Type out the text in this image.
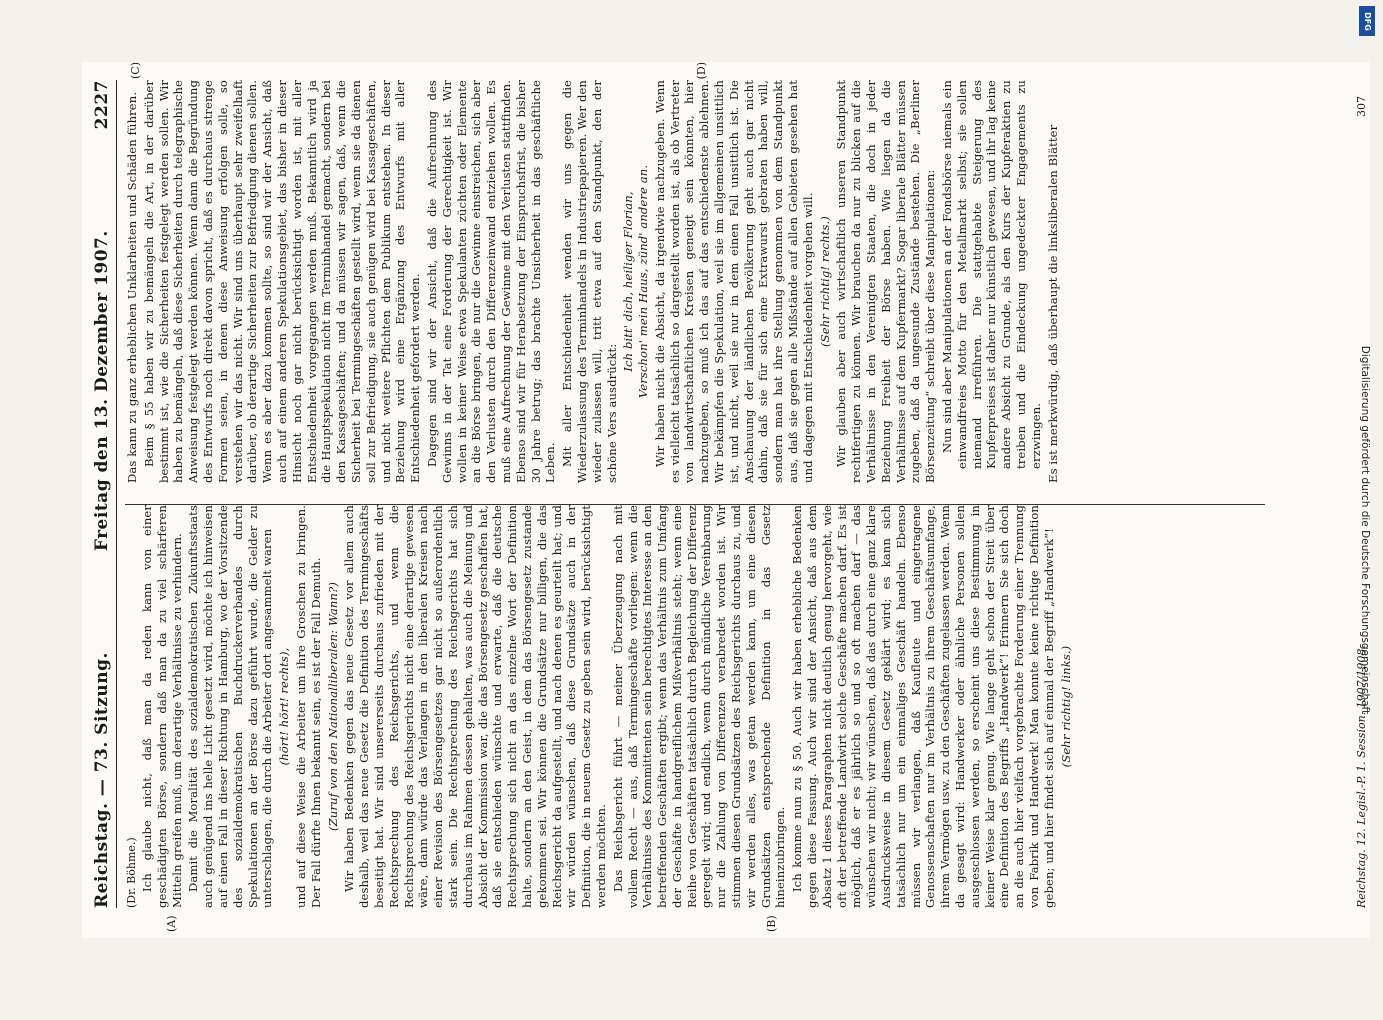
Reichstag. — 73. Sitzung.
Freitag den 13. Dezember 1907.
2227
(Dr. Böhme.)
(A)	(B)

Ich glaube nicht, daß man da reden kann von einer geschädigten Börse, sondern daß man da zu viel schärferen Mitteln greifen muß, um derartige Verhältnisse zu verhindern. Damit die Moralität des sozialdemokratischen Zukunftsstaats auch genügend ins helle Licht gesetzt wird, möchte ich hinweisen auf einen Fall in dieser Richtung in Hamburg, wo der Vorsitzende des sozialdemokratischen Buchdruckerverbandes durch Spekulationen an der Börse dazu geführt wurde, die Gelder zu unterschlagen, die durch die Arbeiter dort angesammelt waren (hört! hört! rechts), und auf diese Weise die Arbeiter um ihre Groschen zu bringen. Der Fall dürfte Ihnen bekannt sein, es ist der Fall Demuth. (Zuruf von den Nationalliberalen: Wann?) Wir haben Bedenken gegen das neue Gesetz vor allem auch deshalb, weil das neue Gesetz die Definition des Termingeschäfts beseitigt hat. Wir sind unsererseits durchaus zufrieden mit der Rechtsprechung des Reichsgerichts, und wenn die Rechtsprechung des Reichsgerichts nicht eine derartige gewesen wäre, dann würde das Verlangen in den liberalen Kreisen nach einer Revision des Börsengesetzes gar nicht so außerordentlich stark sein. Die Rechtsprechung des Reichsgerichts hat sich durchaus im Rahmen dessen gehalten, was auch die Meinung und Absicht der Kommission war, die das Börsengesetz geschaffen hat, daß sie entschieden wünschte und erwarte, daß die deutsche Rechtsprechung sich nicht an das einzelne Wort der Definition halte, sondern an den Geist, in dem das Börsengesetz zustande gekommen sei. Wir können die Grundsätze nur billigen, die das Reichsgericht da aufgestellt, und nach denen es geurteilt hat; und wir würden wünschen, daß diese Grundsätze auch in der Definition, die in neuem Gesetz zu geben sein wird, berücksichtigt werden möchten. Das Reichsgericht führt — meiner Überzeugung nach mit vollem Recht — aus, daß Termingeschäfte vorliegen: wenn die Verhältnisse des Kommittenten sein berechtigtes Interesse an den betreffenden Geschäften ergibt; wenn das Verhältnis zum Umfang der Geschäfte in handgreiflichem Mißverhältnis steht; wenn eine Reihe von Geschäften tatsächlich durch Begleichung der Differenz geregelt wird; und endlich, wenn durch mündliche Vereinbarung nur die Zahlung von Differenzen verabredet worden ist. Wir stimmen diesen Grundsätzen des Reichsgerichts durchaus zu, und wir werden alles, was getan werden kann, um eine diesen Grundsätzen entsprechende Definition in das Gesetz hineinzubringen. Ich komme nun zu § 50. Auch wir haben erhebliche Bedenken gegen diese Fassung. Auch wir sind der Ansicht, daß aus dem Absatz 1 dieses Paragraphen nicht deutlich genug hervorgeht, wie oft der betreffende Landwirt solche Geschäfte machen darf. Es ist möglich, daß er es jährlich so und so oft machen darf — das wünschen wir nicht; wir wünschen, daß das durch eine ganz klare Ausdrucksweise in diesem Gesetz geklärt wird; es kann sich tatsächlich nur um ein einmaliges Geschäft handeln. Ebenso müssen wir verlangen, daß Kaufleute und eingetragene Genossenschaften nur im Verhältnis zu ihrem Geschäftsumfange, ihrem Vermögen usw. zu den Geschäften zugelassen werden. Wenn da gesagt wird: Handwerker oder ähnliche Personen sollen ausgeschlossen werden, so erscheint uns diese Bestimmung in keiner Weise klar genug. Wie lange geht schon der Streit über eine Definition des Begriffs „Handwerk“! Erinnern Sie sich doch an die auch hier vielfach vorgebrachte Forderung einer Trennung von Fabrik und Handwerk! Man konnte keine richtige Definition geben; und hier findet sich auf einmal der Begriff „Handwerk“! (Sehr richtig! links.)

(C)	(D)

Das kann zu ganz erheblichen Unklarheiten und Schäden führen. Beim § 55 haben wir zu bemängeln die Art, in der darüber bestimmt ist, wie die Sicherheiten festgelegt werden sollen. Wir haben zu bemängeln, daß diese Sicherheiten durch telegraphische Anweisung festgelegt werden können. Wenn dann die Begründung des Entwurfs noch direkt davon spricht, daß es durchaus strenge Formen seien, in denen diese Anweisung erfolgen solle, so verstehen wir das nicht. Wir sind uns überhaupt sehr zweifelhaft darüber, ob derartige Sicherheiten zur Befriedigung dienen sollen. Wenn es aber dazu kommen sollte, so sind wir der Ansicht, daß auch auf einem anderen Spekulationsgebiet, das bisher in dieser Hinsicht noch gar nicht berücksichtigt worden ist, mit aller Entschiedenheit vorgegangen werden muß. Bekanntlich wird ja die Hauptspekulation nicht im Terminhandel gemacht, sondern bei den Kassageschäften; und da müssen wir sagen, daß, wenn die Sicherheit bei Termingeschäften gestellt wird, wenn sie da dienen soll zur Befriedigung, sie auch genügen wird bei Kassageschäften, und nicht weitere Pflichten dem Publikum entstehen. In dieser Beziehung wird eine Ergänzung des Entwurfs mit aller Entschiedenheit gefordert werden. Dagegen sind wir der Ansicht, daß die Aufrechnung des Gewinns in der Tat eine Forderung der Gerechtigkeit ist. Wir wollen in keiner Weise etwa Spekulanten züchten oder Elemente an die Börse bringen, die nur die Gewinne einstreichen, sich aber den Verlusten durch den Differenzeinwand entziehen wollen. Es muß eine Aufrechnung der Gewinne mit den Verlusten stattfinden. Ebenso sind wir für Herabsetzung der Einspruchsfrist, die bisher 30 Jahre betrug; das brachte Unsicherheit in das geschäftliche Leben. Mit aller Entschiedenheit wenden wir uns gegen die Wiederzulassung des Terminhandels in Industriepapieren. Wer den wieder zulassen will, tritt etwa auf den Standpunkt, den der schöne Vers ausdrückt: Ich bitt' dich, heiliger Florian,
Verschon' mein Haus, zünd' andere an. Wir haben nicht die Absicht, da irgendwie nachzugeben. Wenn es vielleicht tatsächlich so dargestellt worden ist, als ob Vertreter von landwirtschaftlichen Kreisen geneigt sein könnten, hier nachzugeben, so muß ich das auf das entschiedenste ablehnen. Wir bekämpfen die Spekulation, weil sie im allgemeinen unsittlich ist, und nicht, weil sie nur in dem einen Fall unsittlich ist. Die Anschauung der ländlichen Bevölkerung geht auch gar nicht dahin, daß sie für sich eine Extrawurst gebraten haben will, sondern man hat ihre Stellung genommen von dem Standpunkt aus, daß sie gegen alle Mißstände auf allen Gebieten gesehen hat und dagegen mit Entschiedenheit vorgehen will. (Sehr richtig! rechts.) Wir glauben aber auch wirtschaftlich unseren Standpunkt rechtfertigen zu können. Wir brauchen da nur zu blicken auf die Verhältnisse in den Vereinigten Staaten, die doch in jeder Beziehung Freiheit der Börse haben. Wie liegen da die Verhältnisse auf dem Kupfermarkt? Sogar liberale Blätter müssen zugeben, daß da ungesunde Zustände bestehen. Die „Berliner Börsenzeitung“ schreibt über diese Manipulationen: Nun sind aber Manipulationen an der Fondsbörse niemals ein einwandfreies Motto für den Metallmarkt selbst; sie sollen niemand irreführen. Die stattgehabte Steigerung des Kupferpreises ist daher nur künstlich gewesen, und ihr lag keine andere Absicht zu Grunde, als den Kurs der Kupferaktien zu treiben und die Eindeckung ungedeckter Engagements zu erzwingen. Es ist merkwürdig, daß überhaupt die linksliberalen Blätter

Reichstag. 12. Legisl.-P. 1. Session. 1907/1908.
307
DFG
Digitalisierung gefördert durch die Deutsche Forschungsgemeinschaft
